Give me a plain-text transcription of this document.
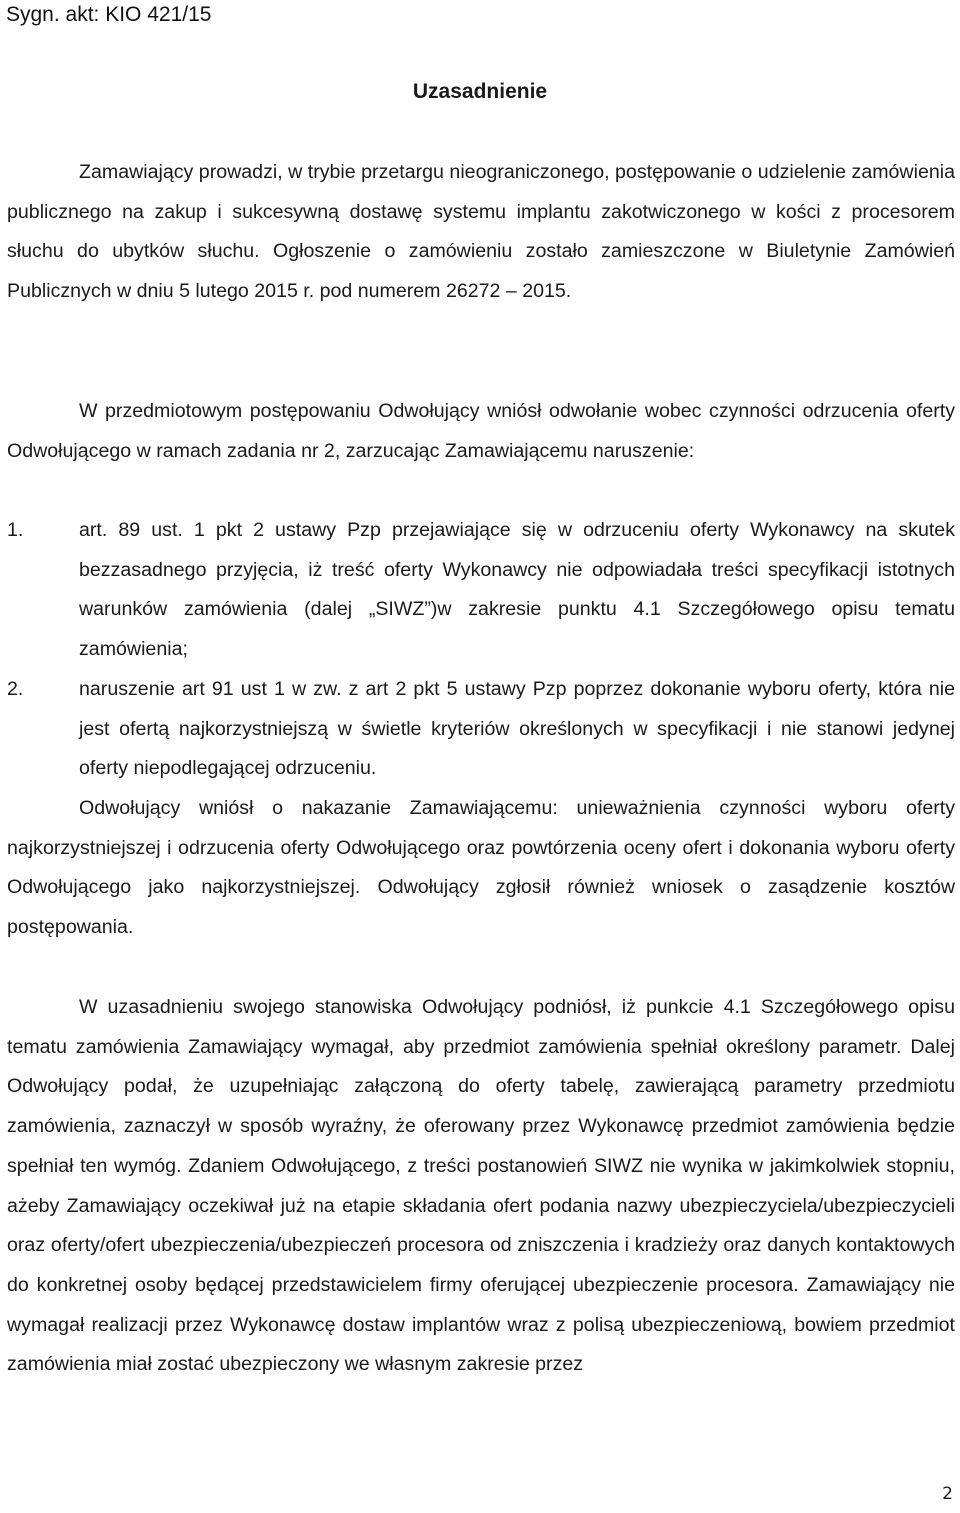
Sygn. akt: KIO 421/15
Uzasadnienie

Zamawiający prowadzi, w trybie przetargu nieograniczonego, postępowanie o udzielenie zamówienia publicznego na zakup i sukcesywną dostawę systemu implantu zakotwiczonego w kości z procesorem słuchu do ubytków słuchu. Ogłoszenie o zamówieniu zostało zamieszczone w Biuletynie Zamówień Publicznych w dniu 5 lutego 2015 r. pod numerem 26272 – 2015.

W przedmiotowym postępowaniu Odwołujący wniósł odwołanie wobec czynności odrzucenia oferty Odwołującego w ramach zadania nr 2, zarzucając Zamawiającemu naruszenie:

1.	art. 89 ust. 1 pkt 2 ustawy Pzp przejawiające się w odrzuceniu oferty Wykonawcy na skutek bezzasadnego przyjęcia, iż treść oferty Wykonawcy nie odpowiadała treści specyfikacji istotnych warunków zamówienia (dalej „SIWZ”)w zakresie punktu 4.1 Szczegółowego opisu tematu zamówienia;
2.	naruszenie art 91 ust 1 w zw. z art 2 pkt 5 ustawy Pzp poprzez dokonanie wyboru oferty, która nie jest ofertą najkorzystniejszą w świetle kryteriów określonych w specyfikacji i nie stanowi jedynej oferty niepodlegającej odrzuceniu.

Odwołujący wniósł o nakazanie Zamawiającemu: unieważnienia czynności wyboru oferty najkorzystniejszej i odrzucenia oferty Odwołującego oraz powtórzenia oceny ofert i dokonania wyboru oferty Odwołującego jako najkorzystniejszej. Odwołujący zgłosił również wniosek o zasądzenie kosztów postępowania.

W uzasadnieniu swojego stanowiska Odwołujący podniósł, iż punkcie 4.1 Szczegółowego opisu tematu zamówienia Zamawiający wymagał, aby przedmiot zamówienia spełniał określony parametr. Dalej Odwołujący podał, że uzupełniając załączoną do oferty tabelę, zawierającą parametry przedmiotu zamówienia, zaznaczył w sposób wyraźny, że oferowany przez Wykonawcę przedmiot zamówienia będzie spełniał ten wymóg. Zdaniem Odwołującego, z treści postanowień SIWZ nie wynika w jakimkolwiek stopniu, ażeby Zamawiający oczekiwał już na etapie składania ofert podania nazwy ubezpieczyciela/ubezpieczycieli oraz oferty/ofert ubezpieczenia/ubezpieczeń procesora od zniszczenia i kradzieży oraz danych kontaktowych do konkretnej osoby będącej przedstawicielem firmy oferującej ubezpieczenie procesora. Zamawiający nie wymagał realizacji przez Wykonawcę dostaw implantów wraz z polisą ubezpieczeniową, bowiem przedmiot zamówienia miał zostać ubezpieczony we własnym zakresie przez

2
